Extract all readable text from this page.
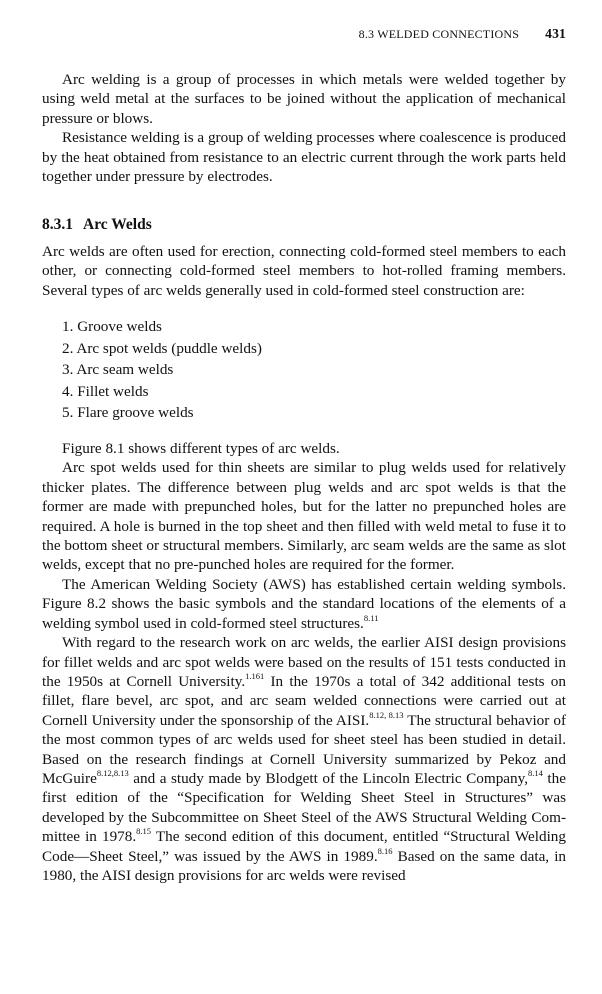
8.3 WELDED CONNECTIONS 431

Arc welding is a group of processes in which metals were welded together by using weld metal at the surfaces to be joined without the application of mechanical pressure or blows.

Resistance welding is a group of welding processes where coalescence is produced by the heat obtained from resistance to an electric current through the work parts held together under pressure by electrodes.

8.3.1 Arc Welds

Arc welds are often used for erection, connecting cold-formed steel members to each other, or connecting cold-formed steel members to hot-rolled framing members. Several types of arc welds generally used in cold-formed steel construction are:

1. Groove welds
2. Arc spot welds (puddle welds)
3. Arc seam welds
4. Fillet welds
5. Flare groove welds

Figure 8.1 shows different types of arc welds.

Arc spot welds used for thin sheets are similar to plug welds used for relatively thicker plates. The difference between plug welds and arc spot welds is that the former are made with prepunched holes, but for the latter no prepunched holes are required. A hole is burned in the top sheet and then filled with weld metal to fuse it to the bottom sheet or structural members. Similarly, arc seam welds are the same as slot welds, except that no pre-punched holes are required for the former.

The American Welding Society (AWS) has established certain welding symbols. Figure 8.2 shows the basic symbols and the standard locations of the elements of a welding symbol used in cold-formed steel structures.$^{8.11}$

With regard to the research work on arc welds, the earlier AISI design provisions for fillet welds and arc spot welds were based on the results of 151 tests conducted in the 1950s at Cornell University.$^{1.161}$ In the 1970s a total of 342 additional tests on fillet, flare bevel, arc spot, and arc seam welded connections were carried out at Cornell University under the sponsorship of the AISI.$^{8.12, 8.13}$ The structural behavior of the most common types of arc welds used for sheet steel has been studied in detail. Based on the research findings at Cornell University summarized by Pekoz and McGuire$^{8.12,8.13}$ and a study made by Blodgett of the Lincoln Electric Company,$^{8.14}$ the first edition of the “Specification for Welding Sheet Steel in Structures” was developed by the Subcommittee on Sheet Steel of the AWS Structural Welding Com-mittee in 1978.$^{8.15}$ The second edition of this document, entitled “Structural Welding Code—Sheet Steel,” was issued by the AWS in 1989.$^{8.16}$ Based on the same data, in 1980, the AISI design provisions for arc welds were revised
